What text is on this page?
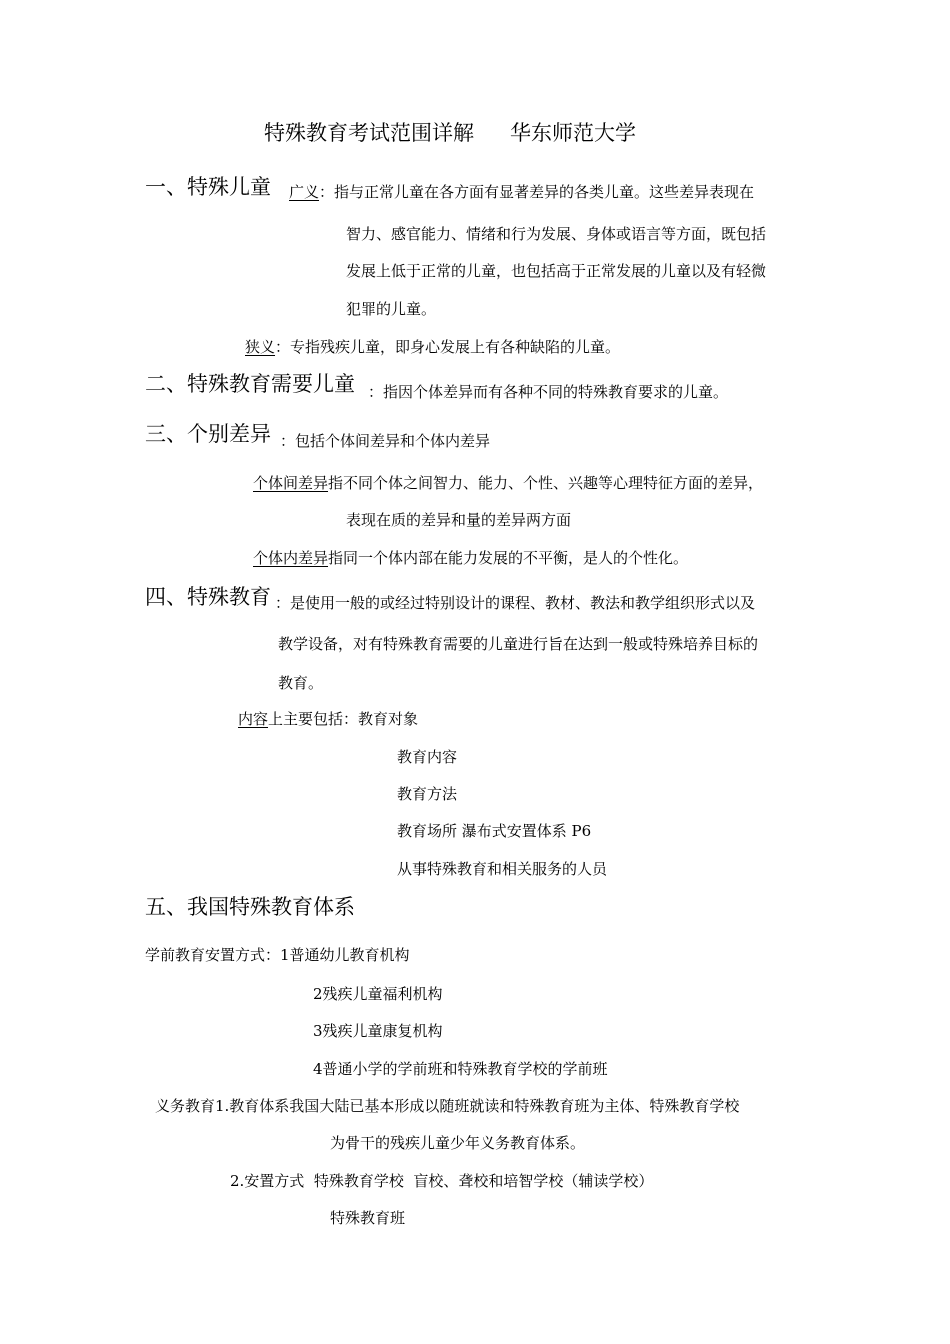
特殊教育考试范围详解 华东师范大学
一、特殊儿童 广义：指与正常儿童在各方面有显著差异的各类儿童。这些差异表现在
智力、感官能力、情绪和行为发展、身体或语言等方面，既包括
发展上低于正常的儿童，也包括高于正常发展的儿童以及有轻微
犯罪的儿童。
狭义：专指残疾儿童，即身心发展上有各种缺陷的儿童。
二、特殊教育需要儿童 ：指因个体差异而有各种不同的特殊教育要求的儿童。
三、个别差异 ：包括个体间差异和个体内差异
个体间差异指不同个体之间智力、能力、个性、兴趣等心理特征方面的差异，
表现在质的差异和量的差异两方面
个体内差异指同一个体内部在能力发展的不平衡，是人的个性化。
四、特殊教育 ：是使用一般的或经过特别设计的课程、教材、教法和教学组织形式以及
教学设备，对有特殊教育需要的儿童进行旨在达到一般或特殊培养目标的
教育。
内容上主要包括：教育对象
教育内容
教育方法
教育场所 瀑布式安置体系 P6
从事特殊教育和相关服务的人员
五、我国特殊教育体系
学前教育安置方式：1普通幼儿教育机构
2残疾儿童福利机构
3残疾儿童康复机构
4普通小学的学前班和特殊教育学校的学前班
义务教育1.教育体系我国大陆已基本形成以随班就读和特殊教育班为主体、特殊教育学校
为骨干的残疾儿童少年义务教育体系。
2.安置方式  特殊教育学校  盲校、聋校和培智学校（辅读学校）
特殊教育班
